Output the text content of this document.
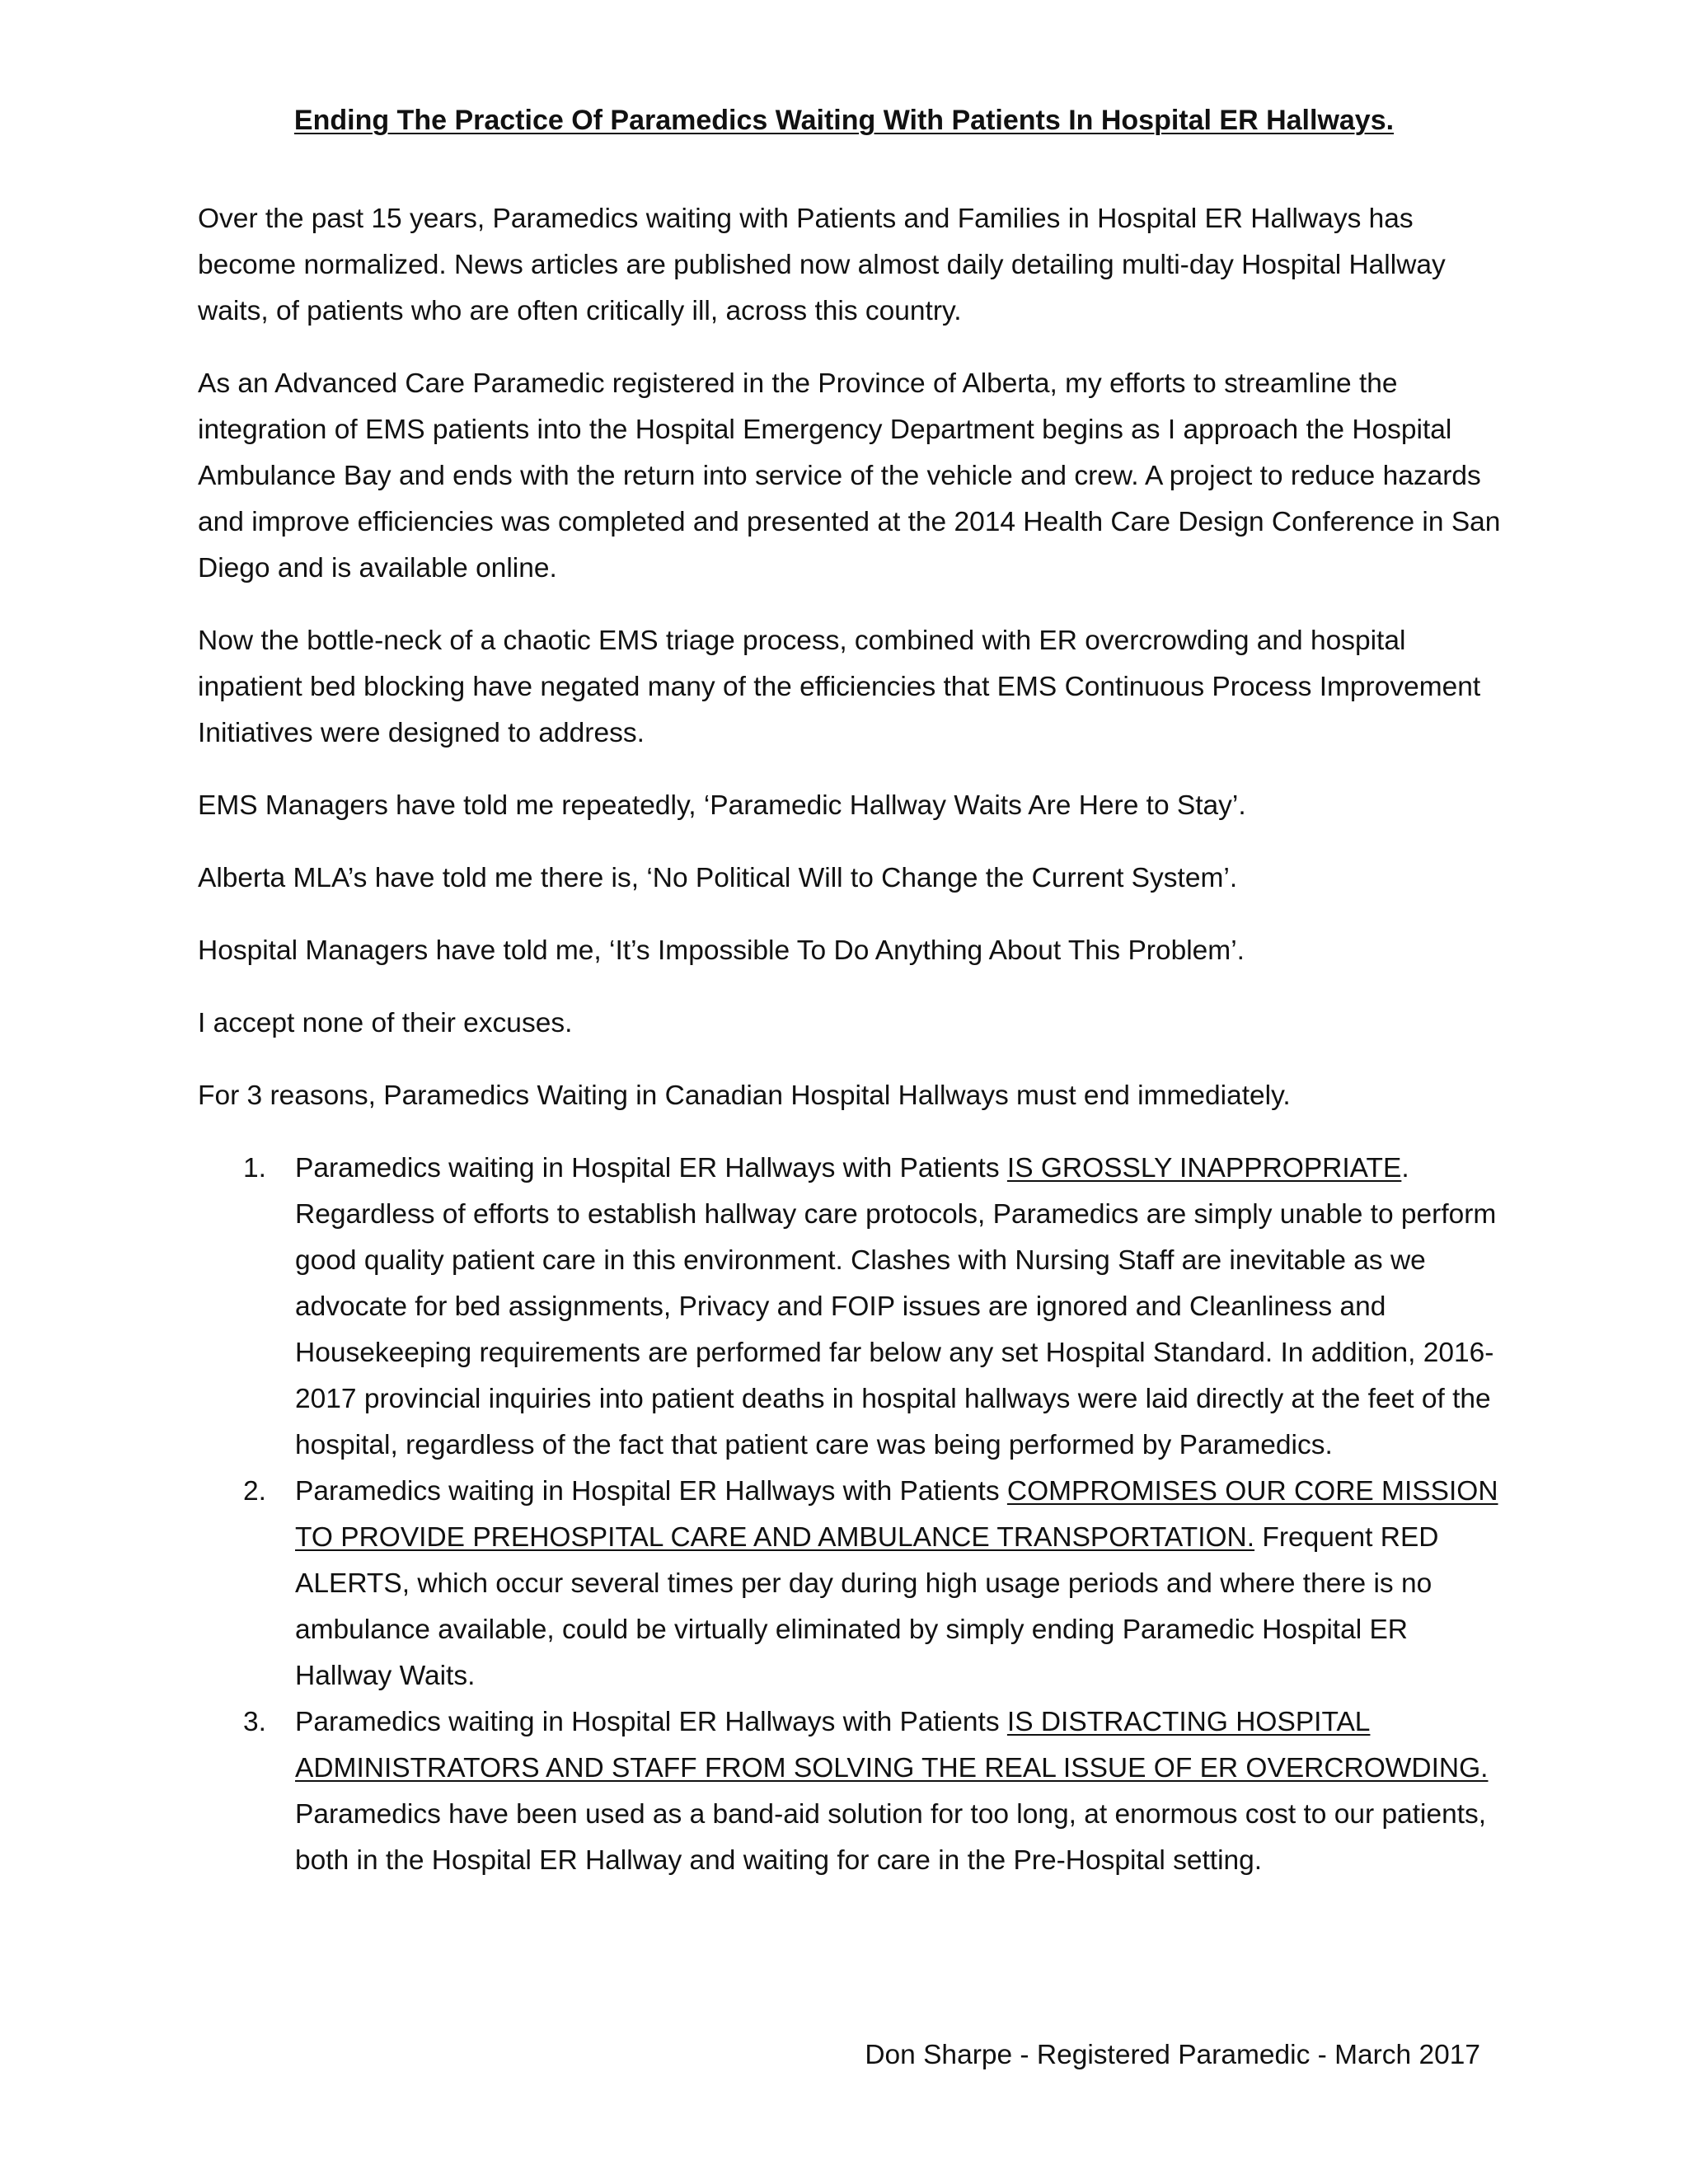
Ending The Practice Of Paramedics Waiting With Patients In Hospital ER Hallways.

Over the past 15 years, Paramedics waiting with Patients and Families in Hospital ER Hallways has become normalized. News articles are published now almost daily detailing multi-day Hospital Hallway waits, of patients who are often critically ill, across this country.

As an Advanced Care Paramedic registered in the Province of Alberta, my efforts to streamline the integration of EMS patients into the Hospital Emergency Department begins as I approach the Hospital Ambulance Bay and ends with the return into service of the vehicle and crew. A project to reduce hazards and improve efficiencies was completed and presented at the 2014 Health Care Design Conference in San Diego and is available online.

Now the bottle-neck of a chaotic EMS triage process, combined with ER overcrowding and hospital inpatient bed blocking have negated many of the efficiencies that EMS Continuous Process Improvement Initiatives were designed to address.

EMS Managers have told me repeatedly, ‘Paramedic Hallway Waits Are Here to Stay’.

Alberta MLA’s have told me there is, ‘No Political Will to Change the Current System’.

Hospital Managers have told me, ‘It’s Impossible To Do Anything About This Problem’.

I accept none of their excuses.

For 3 reasons, Paramedics Waiting in Canadian Hospital Hallways must end immediately.

1. Paramedics waiting in Hospital ER Hallways with Patients IS GROSSLY INAPPROPRIATE. Regardless of efforts to establish hallway care protocols, Paramedics are simply unable to perform good quality patient care in this environment. Clashes with Nursing Staff are inevitable as we advocate for bed assignments, Privacy and FOIP issues are ignored and Cleanliness and Housekeeping requirements are performed far below any set Hospital Standard. In addition, 2016-2017 provincial inquiries into patient deaths in hospital hallways were laid directly at the feet of the hospital, regardless of the fact that patient care was being performed by Paramedics.
2. Paramedics waiting in Hospital ER Hallways with Patients COMPROMISES OUR CORE MISSION TO PROVIDE PREHOSPITAL CARE AND AMBULANCE TRANSPORTATION. Frequent RED ALERTS, which occur several times per day during high usage periods and where there is no ambulance available, could be virtually eliminated by simply ending Paramedic Hospital ER Hallway Waits.
3. Paramedics waiting in Hospital ER Hallways with Patients IS DISTRACTING HOSPITAL ADMINISTRATORS AND STAFF FROM SOLVING THE REAL ISSUE OF ER OVERCROWDING. Paramedics have been used as a band-aid solution for too long, at enormous cost to our patients, both in the Hospital ER Hallway and waiting for care in the Pre-Hospital setting.
Don Sharpe - Registered Paramedic - March 2017
